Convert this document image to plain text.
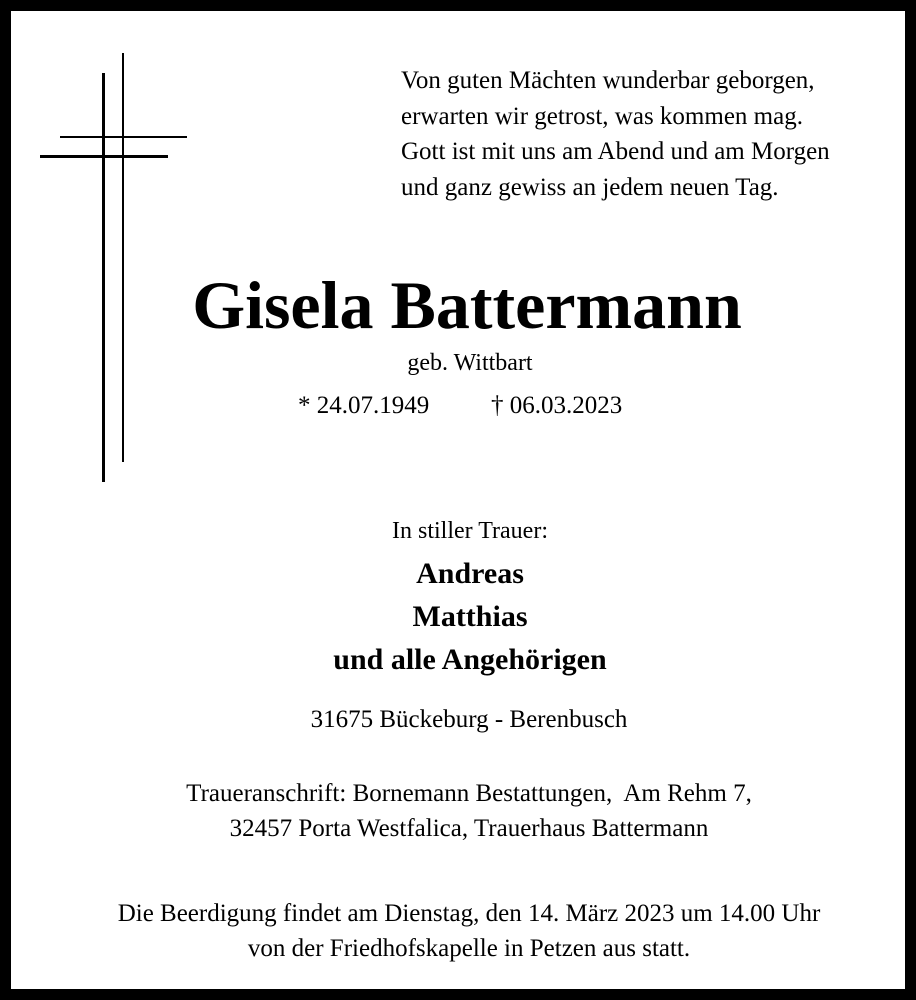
Von guten Mächten wunderbar geborgen,
erwarten wir getrost, was kommen mag.
Gott ist mit uns am Abend und am Morgen
und ganz gewiss an jedem neuen Tag.
Gisela Battermann
geb. Wittbart
* 24.07.1949 † 06.03.2023
In stiller Trauer:
Andreas
Matthias
und alle Angehörigen
31675 Bückeburg - Berenbusch
Traueranschrift: Bornemann Bestattungen,  Am Rehm 7,
32457 Porta Westfalica, Trauerhaus Battermann
Die Beerdigung findet am Dienstag, den 14. März 2023 um 14.00 Uhr
von der Friedhofskapelle in Petzen aus statt.
